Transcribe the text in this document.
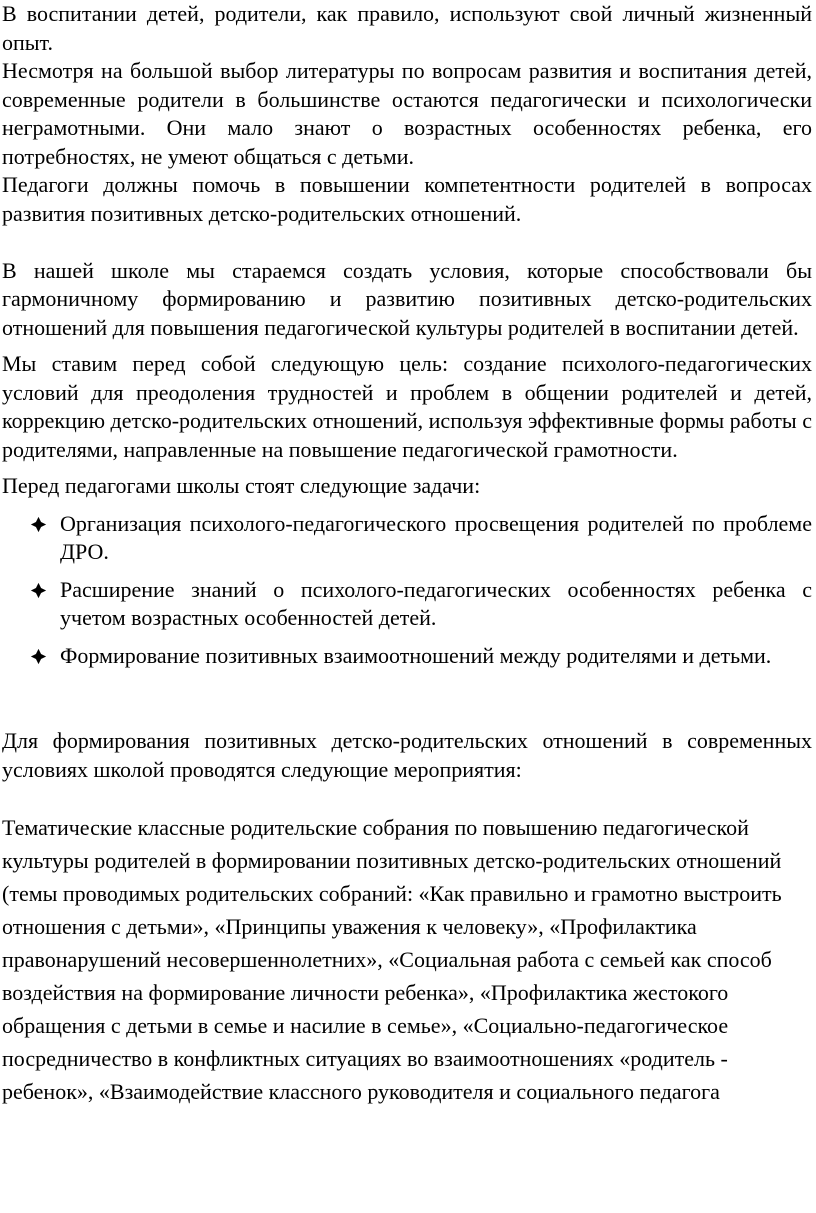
В воспитании детей, родители, как правило, используют свой личный жизненный опыт.

Несмотря на большой выбор литературы по вопросам развития и воспитания детей, современные родители в большинстве остаются педагогически и психологически неграмотными. Они мало знают о возрастных особенностях ребенка, его потребностях, не умеют общаться с детьми.

Педагоги должны помочь в повышении компетентности родителей в вопросах развития позитивных детско-родительских отношений.

В нашей школе мы стараемся создать условия, которые способствовали бы гармоничному формированию и развитию позитивных детско-родительских отношений для повышения педагогической культуры родителей в воспитании детей.

Мы ставим перед собой следующую цель: создание психолого-педагогических условий для преодоления трудностей и проблем в общении родителей и детей, коррекцию детско-родительских отношений, используя эффективные формы работы с родителями, направленные на повышение педагогической грамотности.

Перед педагогами школы стоят следующие задачи:

Организация психолого-педагогического просвещения родителей по проблеме ДРО.
Расширение знаний о психолого-педагогических особенностях ребенка с учетом возрастных особенностей детей.
Формирование позитивных взаимоотношений между родителями и детьми.

Для формирования позитивных детско-родительских отношений в современных условиях школой проводятся следующие мероприятия:

Тематические классные родительские собрания по повышению педагогической культуры родителей в формировании позитивных детско-родительских отношений (темы проводимых родительских собраний: «Как правильно и грамотно выстроить отношения с детьми», «Принципы уважения к человеку», «Профилактика правонарушений несовершеннолетних», «Социальная работа с семьей как способ воздействия на формирование личности ребенка», «Профилактика жестокого обращения с детьми в семье и насилие в семье», «Социально-педагогическое посредничество в конфликтных ситуациях во взаимоотношениях «родитель - ребенок», «Взаимодействие классного руководителя и социального педагога
